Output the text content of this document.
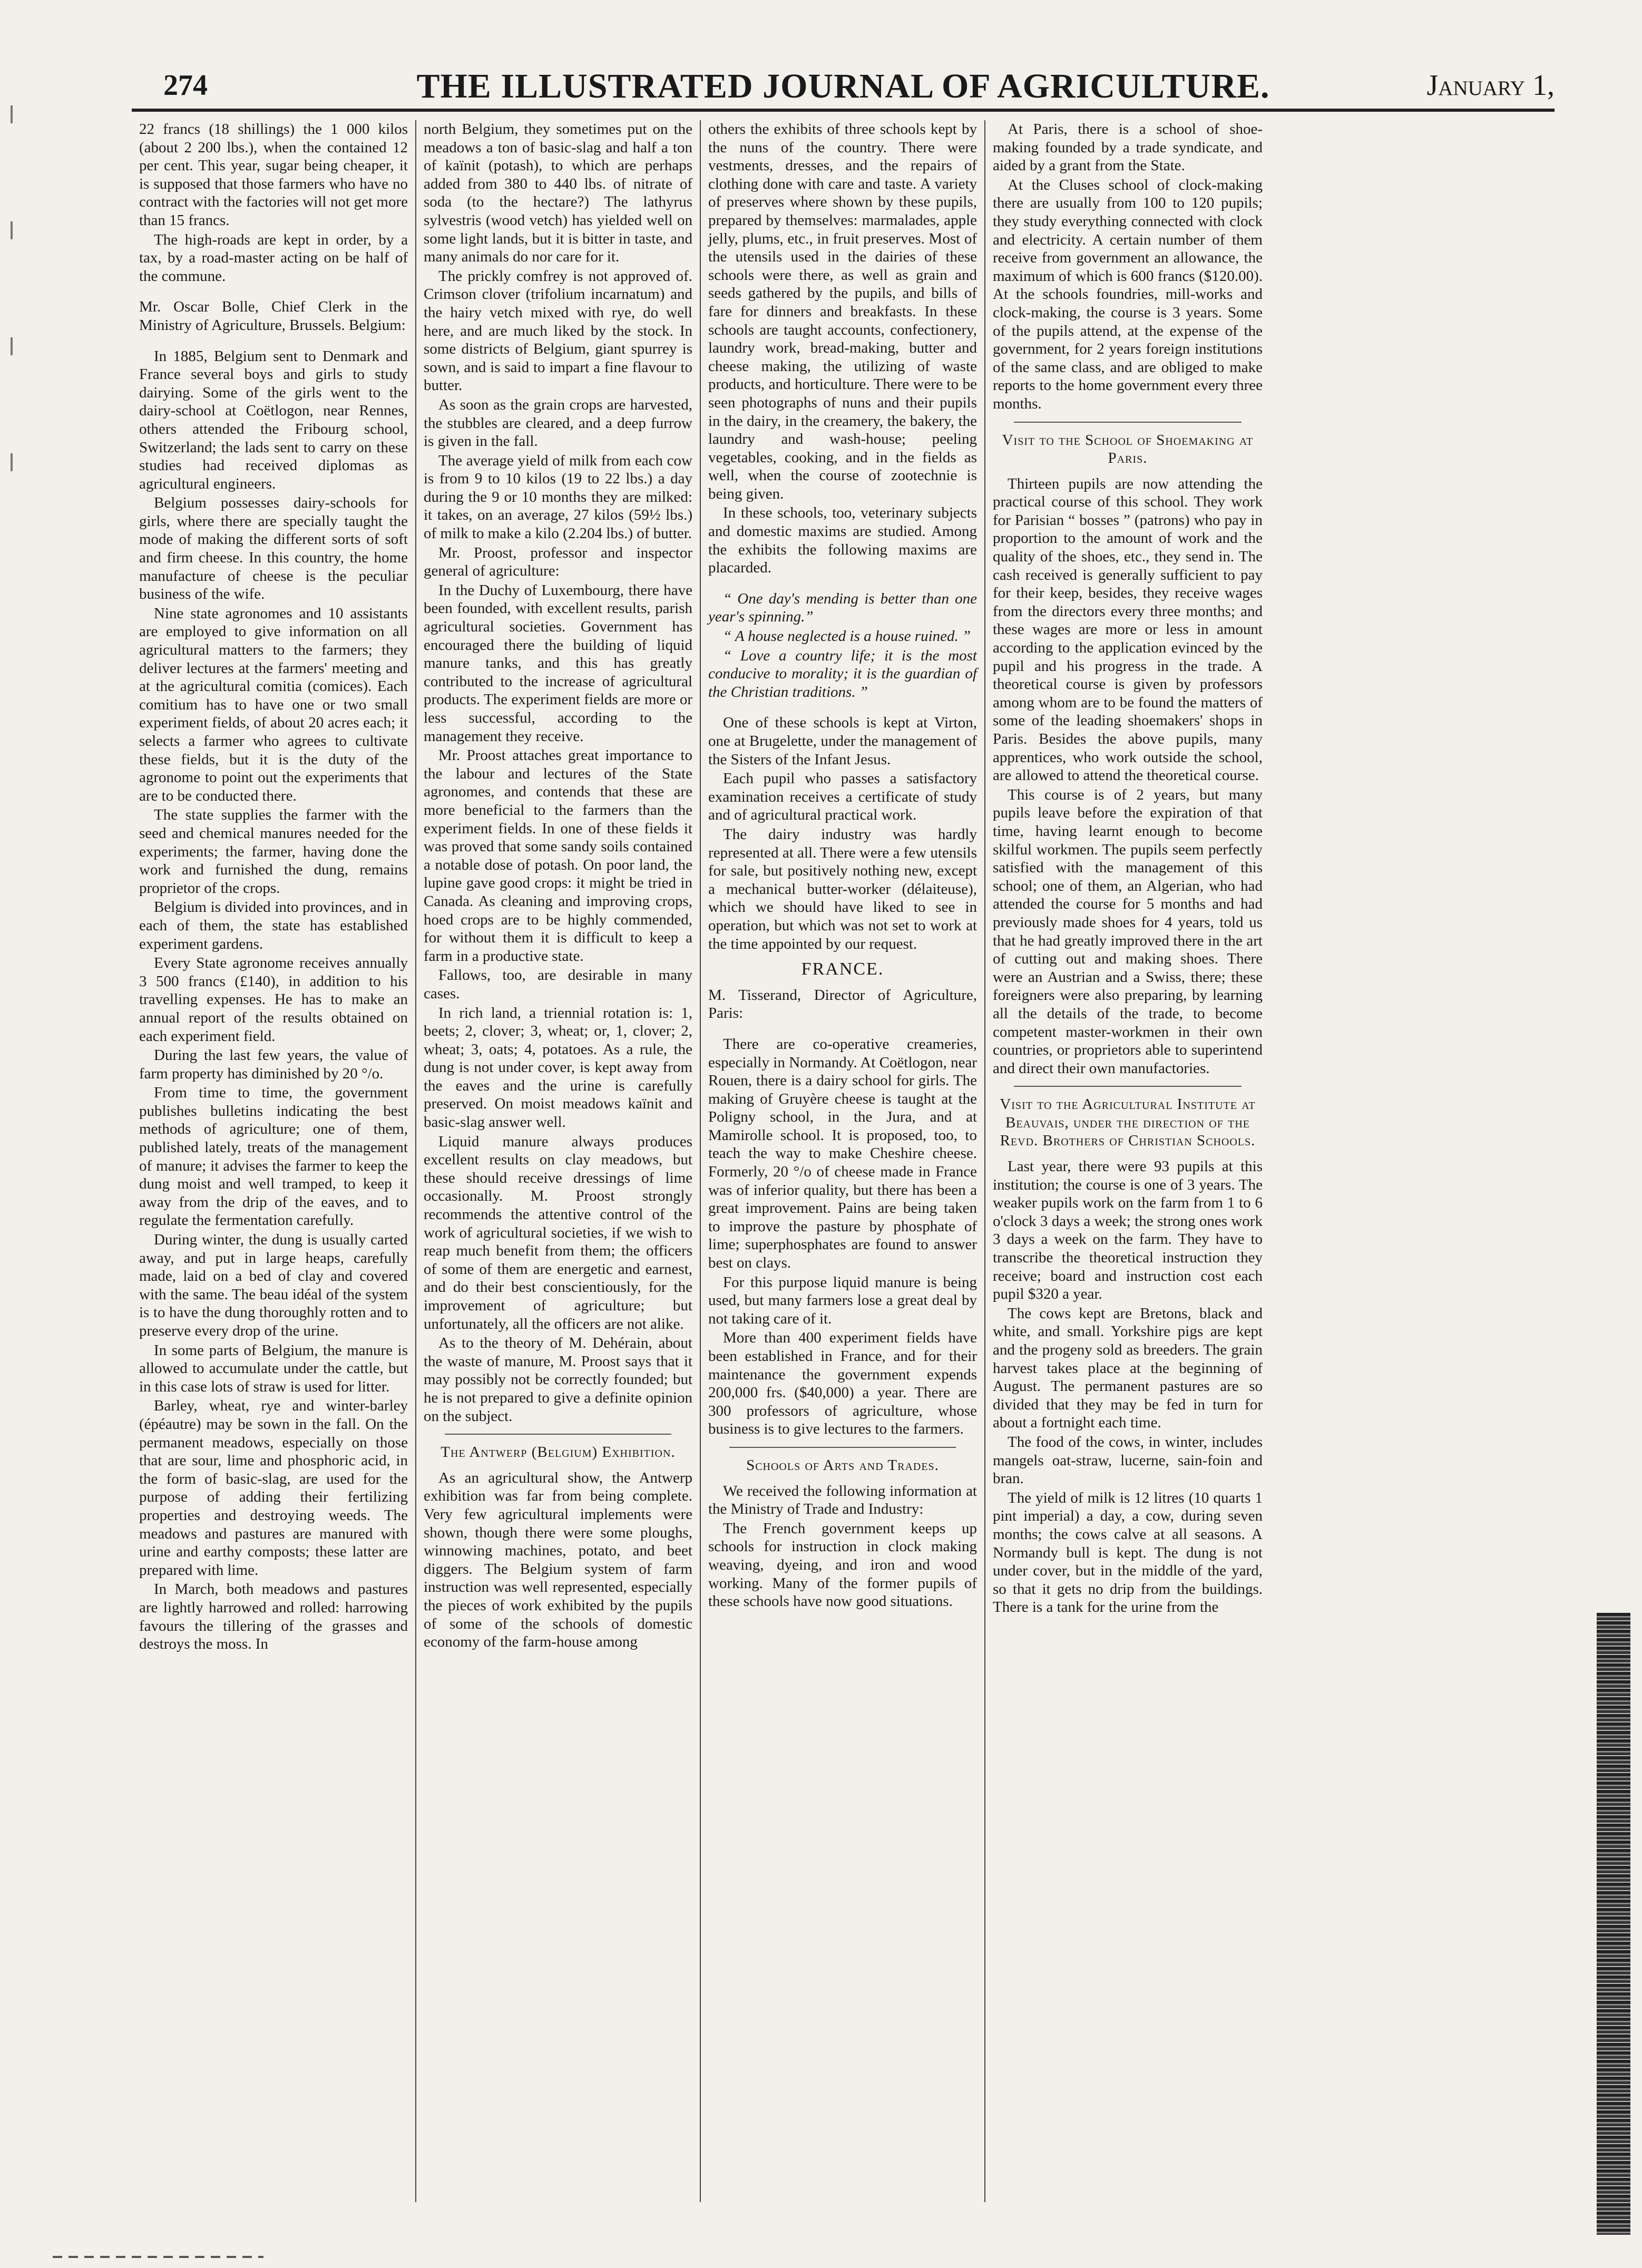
274	THE ILLUSTRATED JOURNAL OF AGRICULTURE.	January 1,

22 francs (18 shillings) the 1 000 kilos (about 2 200 lbs.), when the contained 12 per cent. This year, sugar being cheaper, it is supposed that those farmers who have no contract with the factories will not get more than 15 francs.

The high-roads are kept in order, by a tax, by a road-master acting on be half of the commune.

Mr. Oscar Bolle, Chief Clerk in the Ministry of Agriculture, Brussels. Belgium:

In 1885, Belgium sent to Denmark and France several boys and girls to study dairying. Some of the girls went to the dairy-school at Coëtlogon, near Rennes, others attended the Fribourg school, Switzerland; the lads sent to carry on these studies had received diplomas as agricultural engineers.

Belgium possesses dairy-schools for girls, where there are specially taught the mode of making the different sorts of soft and firm cheese. In this country, the home manufacture of cheese is the peculiar business of the wife.

Nine state agronomes and 10 assistants are employed to give information on all agricultural matters to the farmers; they deliver lectures at the farmers' meeting and at the agricultural comitia (comices). Each comitium has to have one or two small experiment fields, of about 20 acres each; it selects a farmer who agrees to cultivate these fields, but it is the duty of the agronome to point out the experiments that are to be conducted there.

The state supplies the farmer with the seed and chemical manures needed for the experiments; the farmer, having done the work and furnished the dung, remains proprietor of the crops.

Belgium is divided into provinces, and in each of them, the state has established experiment gardens.

Every State agronome receives annually 3 500 francs (£140), in addition to his travelling expenses. He has to make an annual report of the results obtained on each experiment field.

During the last few years, the value of farm property has diminished by 20 °/o.

From time to time, the government publishes bulletins indicating the best methods of agriculture; one of them, published lately, treats of the management of manure; it advises the farmer to keep the dung moist and well tramped, to keep it away from the drip of the eaves, and to regulate the fermentation carefully.

During winter, the dung is usually carted away, and put in large heaps, carefully made, laid on a bed of clay and covered with the same. The beau idéal of the system is to have the dung thoroughly rotten and to preserve every drop of the urine.

In some parts of Belgium, the manure is allowed to accumulate under the cattle, but in this case lots of straw is used for litter.

Barley, wheat, rye and winter-barley (épéautre) may be sown in the fall. On the permanent meadows, especially on those that are sour, lime and phosphoric acid, in the form of basic-slag, are used for the purpose of adding their fertilizing properties and destroying weeds. The meadows and pastures are manured with urine and earthy composts; these latter are prepared with lime.

In March, both meadows and pastures are lightly harrowed and rolled: harrowing favours the tillering of the grasses and destroys the moss. In

north Belgium, they sometimes put on the meadows a ton of basic-slag and half a ton of kaïnit (potash), to which are perhaps added from 380 to 440 lbs. of nitrate of soda (to the hectare?) The lathyrus sylvestris (wood vetch) has yielded well on some light lands, but it is bitter in taste, and many animals do nor care for it.

The prickly comfrey is not approved of. Crimson clover (trifolium incarnatum) and the hairy vetch mixed with rye, do well here, and are much liked by the stock. In some districts of Belgium, giant spurrey is sown, and is said to impart a fine flavour to butter.

As soon as the grain crops are harvested, the stubbles are cleared, and a deep furrow is given in the fall.

The average yield of milk from each cow is from 9 to 10 kilos (19 to 22 lbs.) a day during the 9 or 10 months they are milked: it takes, on an average, 27 kilos (59½ lbs.) of milk to make a kilo (2.204 lbs.) of butter.

Mr. Proost, professor and inspector general of agriculture:

In the Duchy of Luxembourg, there have been founded, with excellent results, parish agricultural societies. Government has encouraged there the building of liquid manure tanks, and this has greatly contributed to the increase of agricultural products. The experiment fields are more or less successful, according to the management they receive.

Mr. Proost attaches great importance to the labour and lectures of the State agronomes, and contends that these are more beneficial to the farmers than the experiment fields. In one of these fields it was proved that some sandy soils contained a notable dose of potash. On poor land, the lupine gave good crops: it might be tried in Canada. As cleaning and improving crops, hoed crops are to be highly commended, for without them it is difficult to keep a farm in a productive state.

Fallows, too, are desirable in many cases.

In rich land, a triennial rotation is: 1, beets; 2, clover; 3, wheat; or, 1, clover; 2, wheat; 3, oats; 4, potatoes. As a rule, the dung is not under cover, is kept away from the eaves and the urine is carefully preserved. On moist meadows kaïnit and basic-slag answer well.

Liquid manure always produces excellent results on clay meadows, but these should receive dressings of lime occasionally. M. Proost strongly recommends the attentive control of the work of agricultural societies, if we wish to reap much benefit from them; the officers of some of them are energetic and earnest, and do their best conscientiously, for the improvement of agriculture; but unfortunately, all the officers are not alike.

As to the theory of M. Dehérain, about the waste of manure, M. Proost says that it may possibly not be correctly founded; but he is not prepared to give a definite opinion on the subject.

The Antwerp (Belgium) Exhibition.

As an agricultural show, the Antwerp exhibition was far from being complete. Very few agricultural implements were shown, though there were some ploughs, winnowing machines, potato, and beet diggers. The Belgium system of farm instruction was well represented, especially the pieces of work exhibited by the pupils of some of the schools of domestic economy of the farm-house among

others the exhibits of three schools kept by the nuns of the country. There were vestments, dresses, and the repairs of clothing done with care and taste. A variety of preserves where shown by these pupils, prepared by themselves: marmalades, apple jelly, plums, etc., in fruit preserves. Most of the utensils used in the dairies of these schools were there, as well as grain and seeds gathered by the pupils, and bills of fare for dinners and breakfasts. In these schools are taught accounts, confectionery, laundry work, bread-making, butter and cheese making, the utilizing of waste products, and horticulture. There were to be seen photographs of nuns and their pupils in the dairy, in the creamery, the bakery, the laundry and wash-house; peeling vegetables, cooking, and in the fields as well, when the course of zootechnie is being given.

In these schools, too, veterinary subjects and domestic maxims are studied. Among the exhibits the following maxims are placarded.

“ One day's mending is better than one year's spinning.”

“ A house neglected is a house ruined. ”

“ Love a country life; it is the most conducive to morality; it is the guardian of the Christian traditions. ”

One of these schools is kept at Virton, one at Brugelette, under the management of the Sisters of the Infant Jesus.

Each pupil who passes a satisfactory examination receives a certificate of study and of agricultural practical work.

The dairy industry was hardly represented at all. There were a few utensils for sale, but positively nothing new, except a mechanical butter-worker (délaiteuse), which we should have liked to see in operation, but which was not set to work at the time appointed by our request.

FRANCE.

M. Tisserand, Director of Agriculture, Paris:

There are co-operative creameries, especially in Normandy. At Coëtlogon, near Rouen, there is a dairy school for girls. The making of Gruyère cheese is taught at the Poligny school, in the Jura, and at Mamirolle school. It is proposed, too, to teach the way to make Cheshire cheese. Formerly, 20 °/o of cheese made in France was of inferior quality, but there has been a great improvement. Pains are being taken to improve the pasture by phosphate of lime; superphosphates are found to answer best on clays.

For this purpose liquid manure is being used, but many farmers lose a great deal by not taking care of it.

More than 400 experiment fields have been established in France, and for their maintenance the government expends 200,000 frs. ($40,000) a year. There are 300 professors of agriculture, whose business is to give lectures to the farmers.

Schools of Arts and Trades.

We received the following information at the Ministry of Trade and Industry:

The French government keeps up schools for instruction in clock making weaving, dyeing, and iron and wood working. Many of the former pupils of these schools have now good situations.

At Paris, there is a school of shoe-making founded by a trade syndicate, and aided by a grant from the State.

At the Cluses school of clock-making there are usually from 100 to 120 pupils; they study everything connected with clock and electricity. A certain number of them receive from government an allowance, the maximum of which is 600 francs ($120.00). At the schools foundries, mill-works and clock-making, the course is 3 years. Some of the pupils attend, at the expense of the government, for 2 years foreign institutions of the same class, and are obliged to make reports to the home government every three months.

Visit to the School of Shoemaking at Paris.

Thirteen pupils are now attending the practical course of this school. They work for Parisian “ bosses ” (patrons) who pay in proportion to the amount of work and the quality of the shoes, etc., they send in. The cash received is generally sufficient to pay for their keep, besides, they receive wages from the directors every three months; and these wages are more or less in amount according to the application evinced by the pupil and his progress in the trade. A theoretical course is given by professors among whom are to be found the matters of some of the leading shoemakers' shops in Paris. Besides the above pupils, many apprentices, who work outside the school, are allowed to attend the theoretical course.

This course is of 2 years, but many pupils leave before the expiration of that time, having learnt enough to become skilful workmen. The pupils seem perfectly satisfied with the management of this school; one of them, an Algerian, who had attended the course for 5 months and had previously made shoes for 4 years, told us that he had greatly improved there in the art of cutting out and making shoes. There were an Austrian and a Swiss, there; these foreigners were also preparing, by learning all the details of the trade, to become competent master-workmen in their own countries, or proprietors able to superintend and direct their own manufactories.

Visit to the Agricultural Institute at Beauvais, under the direction of the Revd. Brothers of Christian Schools.

Last year, there were 93 pupils at this institution; the course is one of 3 years. The weaker pupils work on the farm from 1 to 6 o'clock 3 days a week; the strong ones work 3 days a week on the farm. They have to transcribe the theoretical instruction they receive; board and instruction cost each pupil $320 a year.

The cows kept are Bretons, black and white, and small. Yorkshire pigs are kept and the progeny sold as breeders. The grain harvest takes place at the beginning of August. The permanent pastures are so divided that they may be fed in turn for about a fortnight each time.

The food of the cows, in winter, includes mangels oat-straw, lucerne, sain-foin and bran.

The yield of milk is 12 litres (10 quarts 1 pint imperial) a day, a cow, during seven months; the cows calve at all seasons. A Normandy bull is kept. The dung is not under cover, but in the middle of the yard, so that it gets no drip from the buildings. There is a tank for the urine from the
